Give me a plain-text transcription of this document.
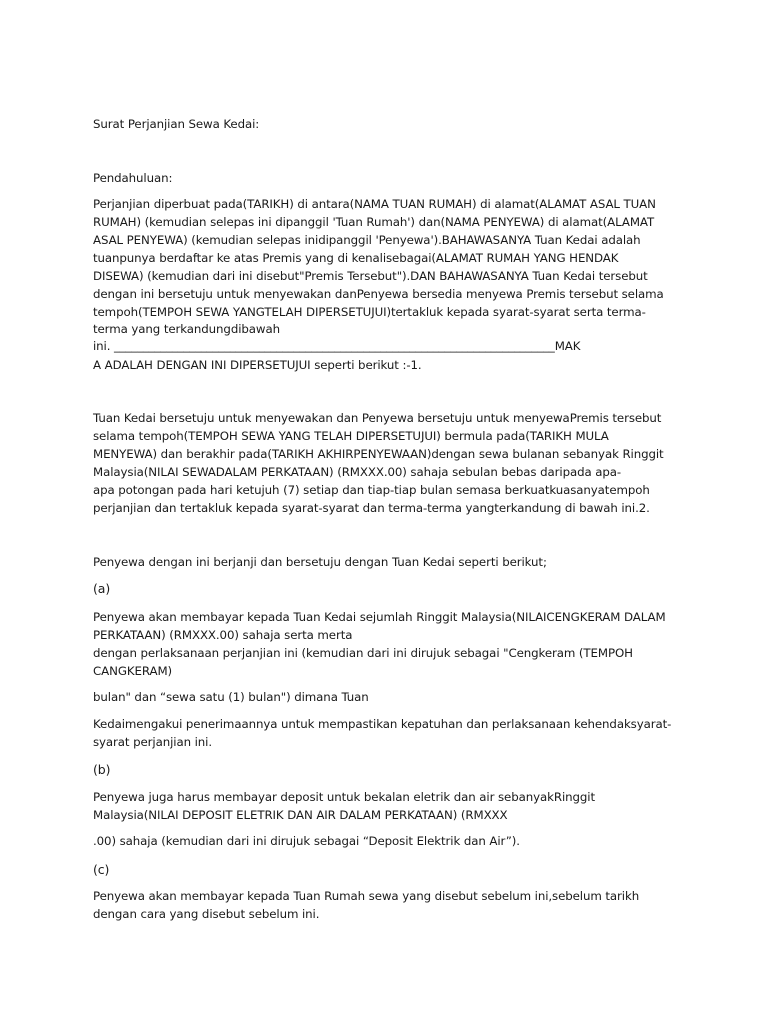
Surat Perjanjian Sewa Kedai:
Pendahuluan:
Perjanjian diperbuat pada(TARIKH) di antara(NAMA TUAN RUMAH) di alamat(ALAMAT ASAL TUAN
RUMAH) (kemudian selepas ini dipanggil 'Tuan Rumah') dan(NAMA PENYEWA) di alamat(ALAMAT
ASAL PENYEWA) (kemudian selepas inidipanggil 'Penyewa').BAHAWASANYA Tuan Kedai adalah
tuanpunya berdaftar ke atas Premis yang di kenalisebagai(ALAMAT RUMAH YANG HENDAK
DISEWA) (kemudian dari ini disebut"Premis Tersebut").DAN BAHAWASANYA Tuan Kedai tersebut
dengan ini bersetuju untuk menyewakan danPenyewa bersedia menyewa Premis tersebut selama
tempoh(TEMPOH SEWA YANGTELAH DIPERSETUJUI)tertakluk kepada syarat-syarat serta terma-
terma yang terkandungdibawah
ini. ____________________________________________________________________________MAK
A ADALAH DENGAN INI DIPERSETUJUI seperti berikut :-1.
Tuan Kedai bersetuju untuk menyewakan dan Penyewa bersetuju untuk menyewaPremis tersebut
selama tempoh(TEMPOH SEWA YANG TELAH DIPERSETUJUI) bermula pada(TARIKH MULA
MENYEWA) dan berakhir pada(TARIKH AKHIRPENYEWAAN)dengan sewa bulanan sebanyak Ringgit
Malaysia(NILAI SEWADALAM PERKATAAN) (RMXXX.00) sahaja sebulan bebas daripada apa-
apa potongan pada hari ketujuh (7) setiap dan tiap-tiap bulan semasa berkuatkuasanyatempoh
perjanjian dan tertakluk kepada syarat-syarat dan terma-terma yangterkandung di bawah ini.2.
Penyewa dengan ini berjanji dan bersetuju dengan Tuan Kedai seperti berikut;
(a)
Penyewa akan membayar kepada Tuan Kedai sejumlah Ringgit Malaysia(NILAICENGKERAM DALAM
PERKATAAN) (RMXXX.00) sahaja serta merta
dengan perlaksanaan perjanjian ini (kemudian dari ini dirujuk sebagai "Cengkeram (TEMPOH
CANGKERAM)
bulan" dan “sewa satu (1) bulan") dimana Tuan
Kedaimengakui penerimaannya untuk mempastikan kepatuhan dan perlaksanaan kehendaksyarat-
syarat perjanjian ini.
(b)
Penyewa juga harus membayar deposit untuk bekalan eletrik dan air sebanyakRinggit
Malaysia(NILAI DEPOSIT ELETRIK DAN AIR DALAM PERKATAAN) (RMXXX
.00) sahaja (kemudian dari ini dirujuk sebagai “Deposit Elektrik dan Air”).
(c)
Penyewa akan membayar kepada Tuan Rumah sewa yang disebut sebelum ini,sebelum tarikh
dengan cara yang disebut sebelum ini.
